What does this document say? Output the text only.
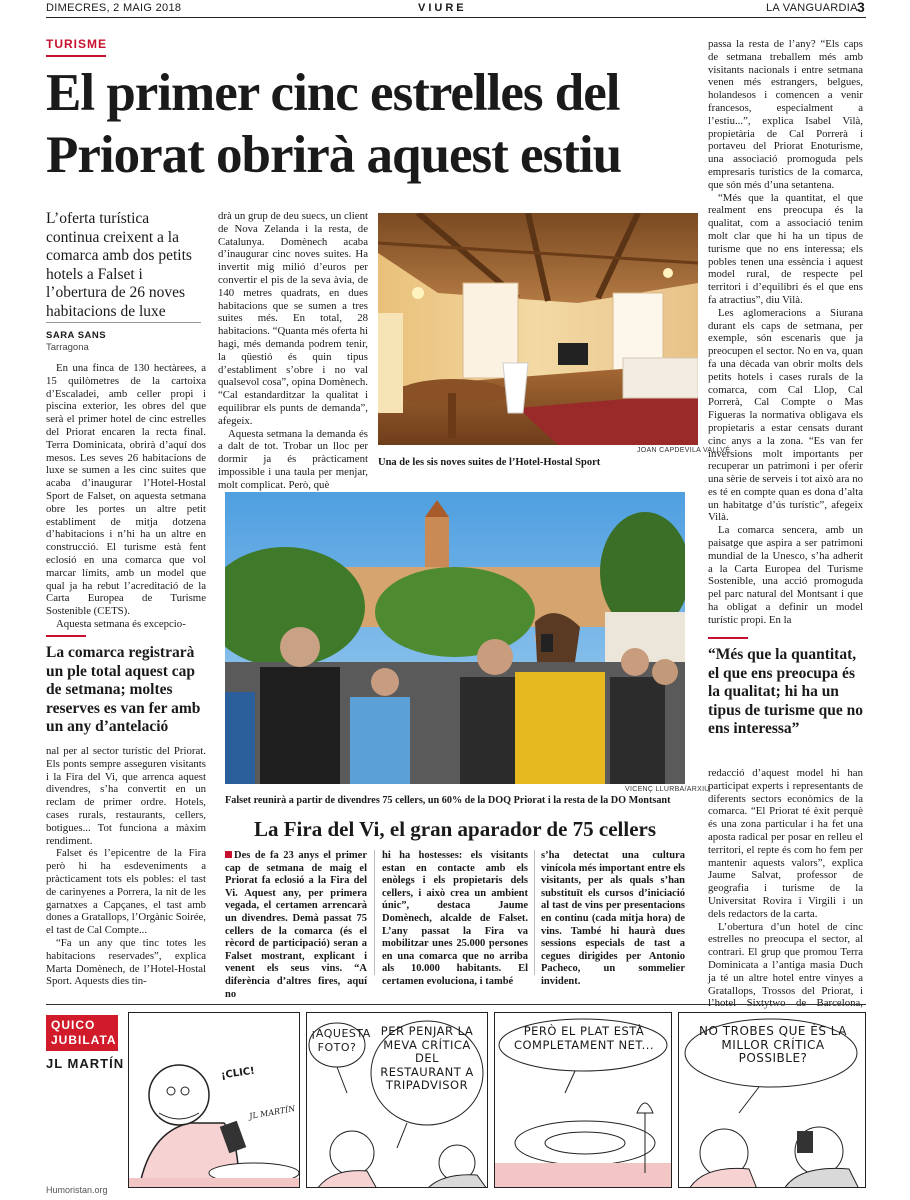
DIMECRES, 2 MAIG 2018	VIURE	LA VANGUARDIA 3
TURISME
El primer cinc estrelles del
Priorat obrirà aquest estiu
L’oferta turística continua creixent a la comarca amb dos petits hotels a Falset i l’obertura de 26 noves habitacions de luxe
SARA SANS
Tarragona

En una finca de 130 hectàrees, a 15 quilòmetres de la cartoixa d’Escaladei, amb celler propi i piscina exterior, les obres del que serà el primer hotel de cinc estrelles del Priorat encaren la recta final. Terra Dominicata, obrirà d’aquí dos mesos. Les seves 26 habitacions de luxe se sumen a les cinc suites que acaba d’inaugurar l’Hotel-Hostal Sport de Falset, on aquesta setmana obre les portes un altre petit establiment de mitja dotzena d’habitacions i n’hi ha un altre en construcció. El turisme està fent eclosió en una comarca que vol marcar límits, amb un model que qual ja ha rebut l’acreditació de la Carta Europea de Turisme Sostenible (CETS).

Aquesta setmana és excepcio-

drà un grup de deu suecs, un client de Nova Zelanda i la resta, de Catalunya. Domènech acaba d’inaugurar cinc noves suites. Ha invertit mig milió d’euros per convertir el pis de la seva àvia, de 140 metres quadrats, en dues habitacions que se sumen a tres suites més. En total, 28 habitacions. “Quanta més oferta hi hagi, més demanda podrem tenir, la qüestió és quin tipus d’establiment s’obre i no val qualsevol cosa”, opina Domènech. “Cal estandarditzar la qualitat i equilibrar els punts de demanda”, afegeix.

Aquesta setmana la demanda és a dalt de tot. Trobar un lloc per dormir ja és pràcticament impossible i una taula per menjar, molt complicat. Però, què

passa la resta de l’any? “Els caps de setmana treballem més amb visitants nacionals i entre setmana venen més estrangers, belgues, holandesos i comencen a venir francesos, especialment a l’estiu...”, explica Isabel Vilà, propietària de Cal Porrerà i portaveu del Priorat Enoturisme, una associació promoguda pels empresaris turístics de la comarca, que són més d’una setantena.

“Més que la quantitat, el que realment ens preocupa és la qualitat, com a associació tenim molt clar que hi ha un tipus de turisme que no ens interessa; els pobles tenen una essència i aquest model rural, de respecte pel territori i d’equilibri és el que ens fa atractius”, diu Vilà.

Les aglomeracions a Siurana durant els caps de setmana, per exemple, són escenaris que ja preocupen el sector. No en va, quan fa una dècada van obrir molts dels petits hotels i cases rurals de la comarca, com Cal Llop, Cal Porrerà, Cal Compte o Mas Figueras la normativa obligava els propietaris a estar censats durant cinc anys a la zona. “Es van fer inversions molt importants per recuperar un patrimoni i per oferir una sèrie de serveis i tot això ara no es té en compte quan es dona d’alta un habitatge d’ús turístic”, afegeix Vilà.

La comarca sencera, amb un paisatge que aspira a ser patrimoni mundial de la Unesco, s’ha adherit a la Carta Europea del Turisme Sostenible, una acció promoguda pel parc natural del Montsant i que ha obligat a definir un model turístic propi. En la

JOAN CAPDEVILA VALLVÉ
Una de les sis noves suites de l’Hotel-Hostal Sport
La comarca registrarà un ple total aquest cap de setmana; moltes reserves es van fer amb un any d’antelació
“Més que la quantitat, el que ens preocupa és la qualitat; hi ha un tipus de turisme que no ens interessa”
VICENÇ LLURBA/ARXIU
Falset reunirà a partir de divendres 75 cellers, un 60% de la DOQ Priorat i la resta de la DO Montsant

nal per al sector turístic del Priorat. Els ponts sempre asseguren visitants i la Fira del Vi, que arrenca aquest divendres, s’ha convertit en un reclam de primer ordre. Hotels, cases rurals, restaurants, cellers, botigues... Tot funciona a màxim rendiment.

Falset és l’epicentre de la Fira però hi ha esdeveniments a pràcticament tots els pobles: el tast de carinyenes a Porrera, la nit de les garnatxes a Capçanes, el tast amb dones a Gratallops, l’Orgànic Soirée, el tast de Cal Compte...

“Fa un any que tinc totes les habitacions reservades”, explica Marta Domènech, de l’Hotel-Hostal Sport. Aquests dies tin-

redacció d’aquest model hi han participat experts i representants de diferents sectors econòmics de la comarca. “El Priorat té èxit perquè és una zona particular i ha fet una aposta radical per posar en relleu el territori, el repte és com ho fem per mantenir aquests valors”, explica Jaume Salvat, professor de geografia i turisme de la Universitat Rovira i Virgili i un dels redactors de la carta.

L’obertura d’un hotel de cinc estrelles no preocupa el sector, al contrari. El grup que promou Terra Dominicata a l’antiga masia Duch ja té un altre hotel entre vinyes a Gratallops, Trossos del Priorat, i

La Fira del Vi, el gran aparador de 75 cellers
Des de fa 23 anys el primer cap de setmana de maig el Priorat fa eclosió a la Fira del Vi. Aquest any, per primera vegada, el certamen arrencarà un divendres. Demà passat 75 cellers de la comarca (és el rècord de participació) seran a Falset mostrant, explicant i venent els seus vins. “A diferència d’altres fires, aquí no
hi ha hostesses: els visitants estan en contacte amb els enòlegs i els propietaris dels cellers, i això crea un ambient únic”, destaca Jaume Domènech, alcalde de Falset. L’any passat la Fira va mobilitzar unes 25.000 persones en una comarca que no arriba als 10.000 habitants. El certamen evoluciona, i també
s’ha detectat una cultura vinícola més important entre els visitants, per als quals s’han substituït els cursos d’iniciació al tast de vins per presentacions en continu (cada mitja hora) de vins. També hi haurà dues sessions especials de tast a cegues dirigides per Antonio Pacheco, un sommelier invident.
QUICO
JUBILATA
JL MARTÍN
¡CLIC!
JL MARTÍN
¡AQUESTA FOTO?
PER PENJAR LA MEVA CRÍTICA DEL RESTAURANT A TRIPADVISOR
PERÒ EL PLAT ESTÀ COMPLETAMENT NET...
NO TROBES QUE ÉS LA MILLOR CRÍTICA POSSIBLE?
Humoristan.org
